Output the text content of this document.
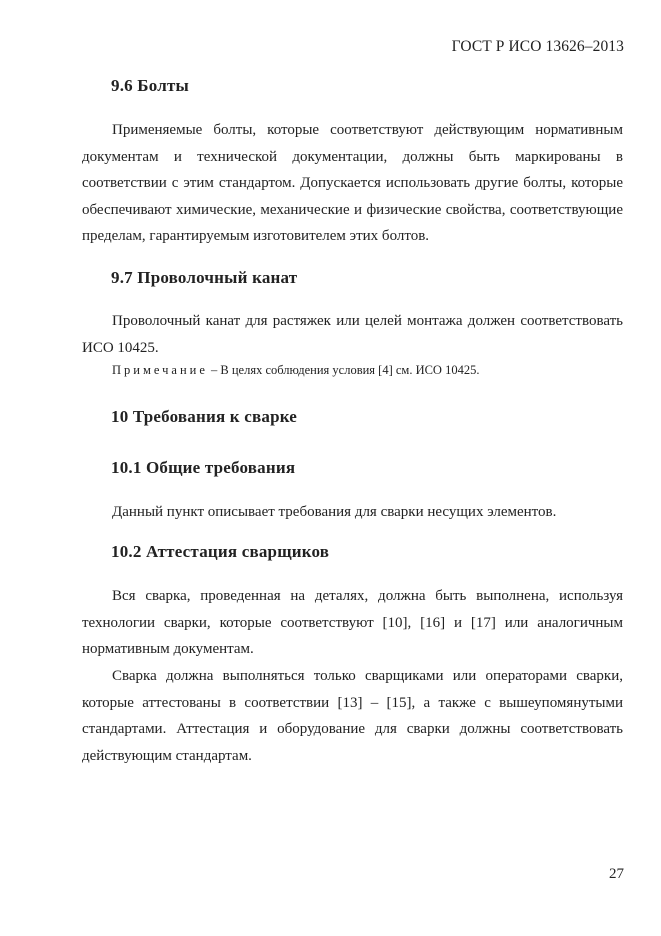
ГОСТ Р ИСО 13626–2013
9.6 Болты

Применяемые болты, которые соответствуют действующим нормативным документам и технической документации, должны быть маркированы в соответствии с этим стандартом. Допускается использовать другие болты, которые обеспечивают химические, механические и физические свойства, соответствующие пределам, гарантируемым изготовителем этих болтов.

9.7 Проволочный канат

Проволочный канат для растяжек или целей монтажа должен соответствовать ИСО 10425.

Примечание – В целях соблюдения условия [4] см. ИСО 10425.

10 Требования к сварке
10.1 Общие требования

Данный пункт описывает требования для сварки несущих элементов.

10.2 Аттестация сварщиков

Вся сварка, проведенная на деталях, должна быть выполнена, используя технологии сварки, которые соответствуют [10], [16] и [17] или аналогичным нормативным документам.

Сварка должна выполняться только сварщиками или операторами сварки, которые аттестованы в соответствии [13] – [15], а также с вышеупомянутыми стандартами. Аттестация и оборудование для сварки должны соответствовать действующим стандартам.

27
